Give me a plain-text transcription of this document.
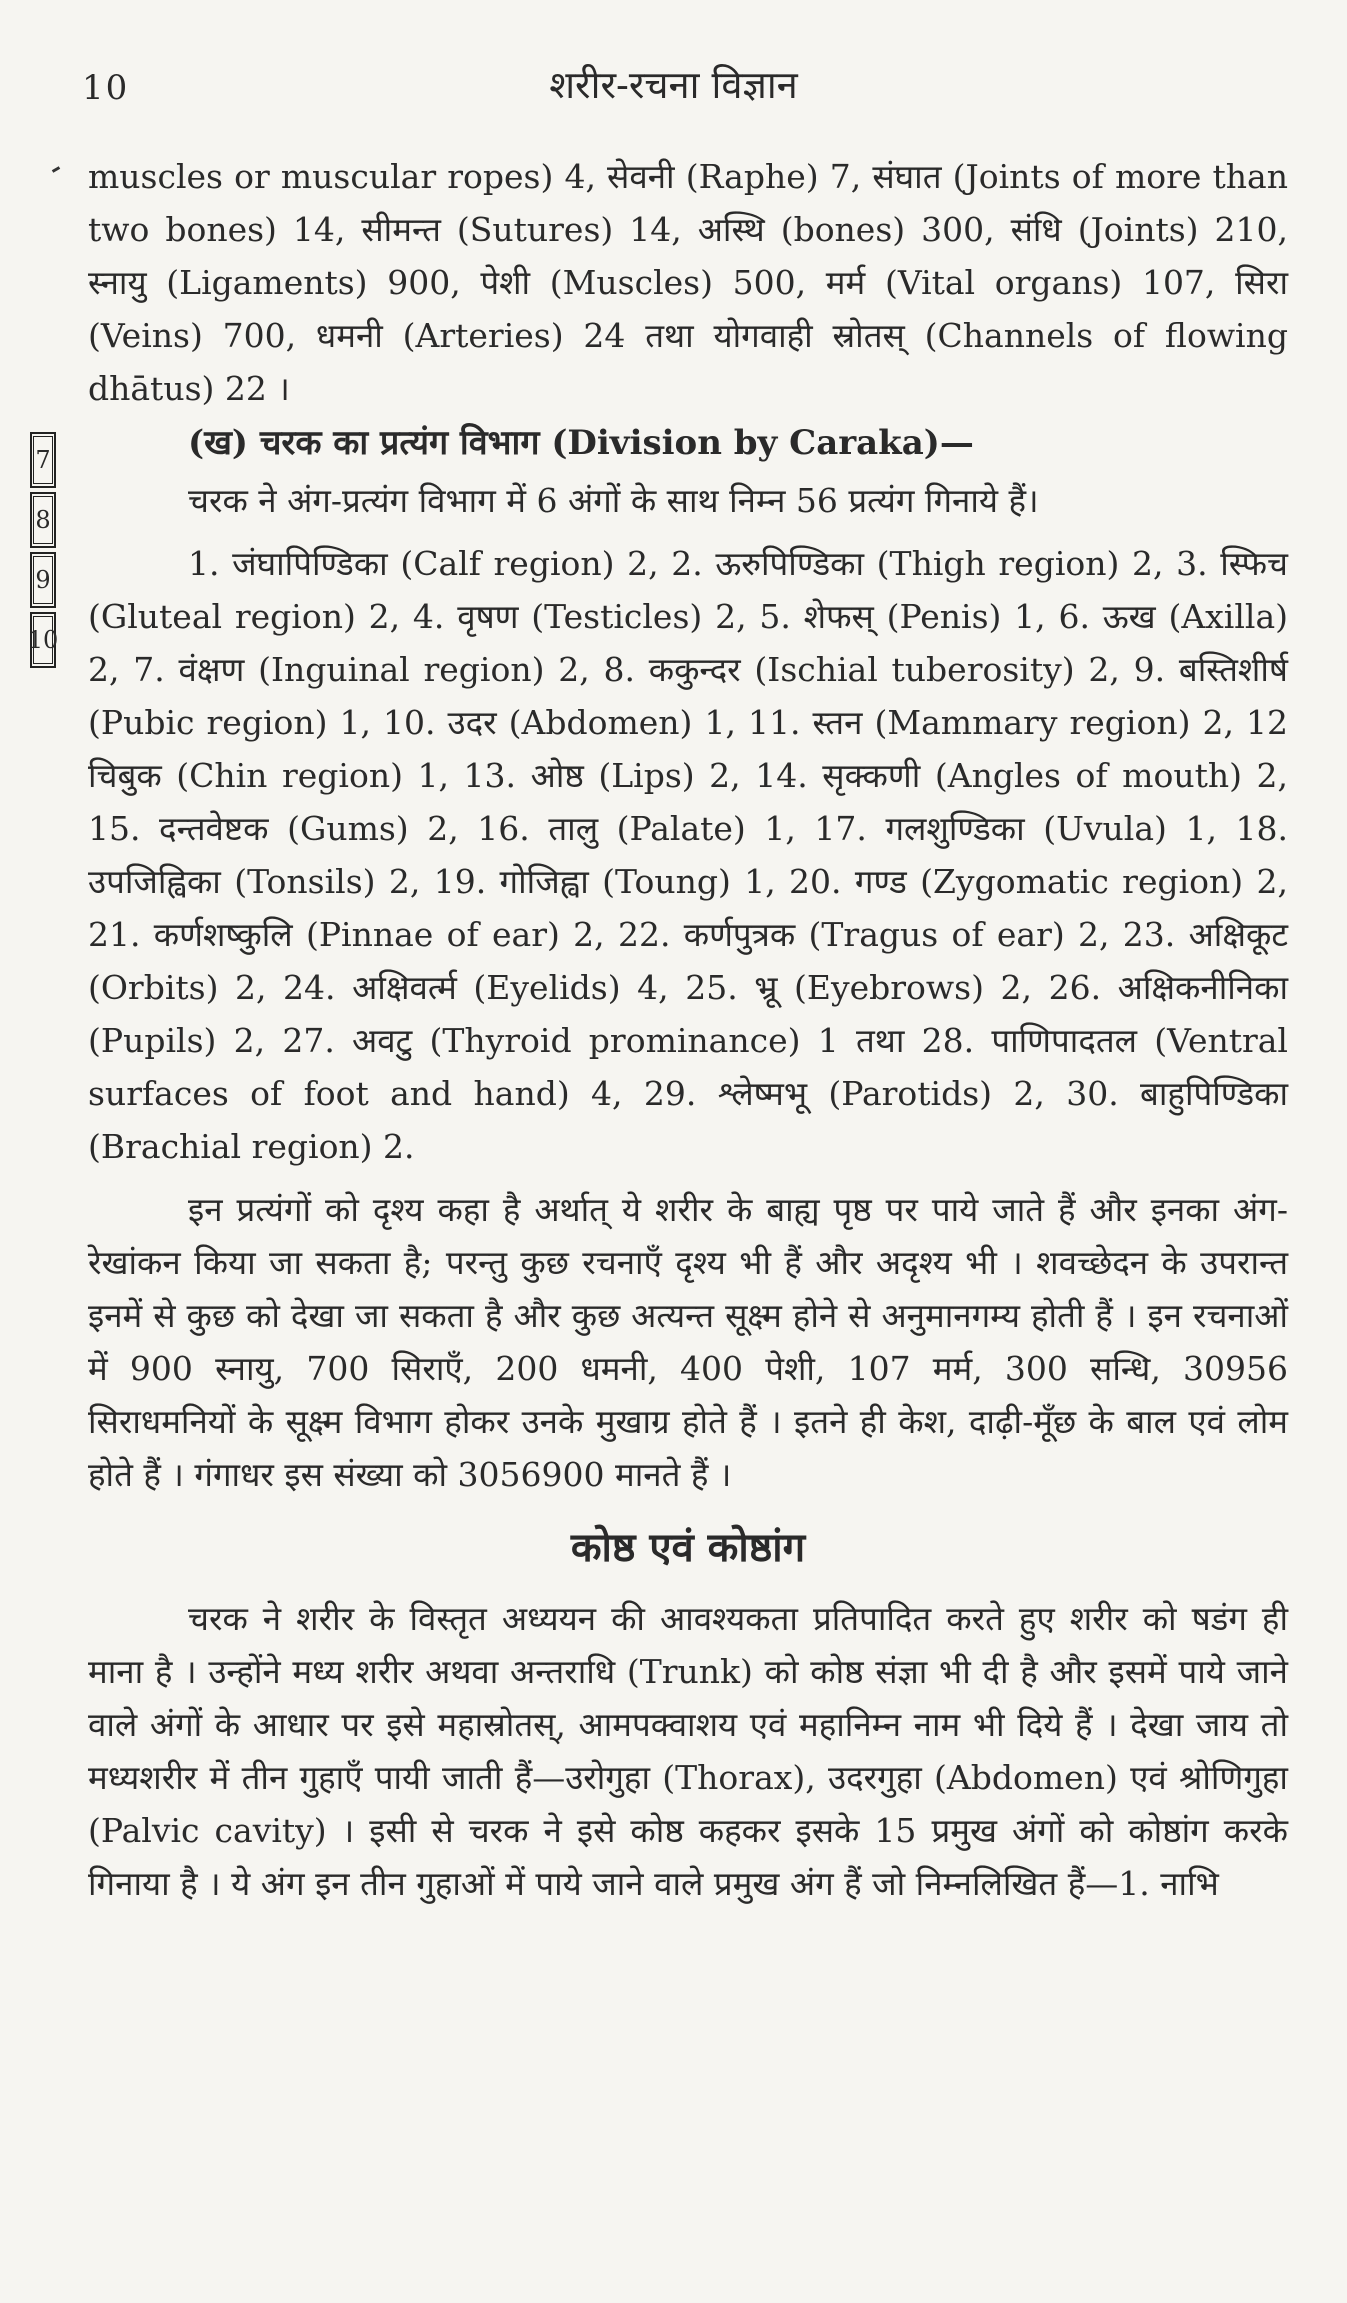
10	शरीर-रचना विज्ञान
7
8
9
10

muscles or muscular ropes) 4, सेवनी (Raphe) 7, संघात (Joints of more than two bones) 14, सीमन्त (Sutures) 14, अस्थि (bones) 300, संधि (Joints) 210, स्नायु (Ligaments) 900, पेशी (Muscles) 500, मर्म (Vital organs) 107, सिरा (Veins) 700, धमनी (Arteries) 24 तथा योगवाही स्रोतस् (Channels of flowing dhātus) 22 ।

(ख) चरक का प्रत्यंग विभाग (Division by Caraka)—

चरक ने अंग-प्रत्यंग विभाग में 6 अंगों के साथ निम्न 56 प्रत्यंग गिनाये हैं।

1. जंघापिण्डिका (Calf region) 2, 2. ऊरुपिण्डिका (Thigh region) 2, 3. स्फिच (Gluteal region) 2, 4. वृषण (Testicles) 2, 5. शेफस् (Penis) 1, 6. ऊख (Axilla) 2, 7. वंक्षण (Inguinal region) 2, 8. ककुन्दर (Ischial tuberosity) 2, 9. बस्तिशीर्ष (Pubic region) 1, 10. उदर (Abdomen) 1, 11. स्तन (Mammary region) 2, 12 चिबुक (Chin region) 1, 13. ओष्ठ (Lips) 2, 14. सृक्कणी (Angles of mouth) 2, 15. दन्तवेष्टक (Gums) 2, 16. तालु (Palate) 1, 17. गलशुण्डिका (Uvula) 1, 18. उपजिह्विका (Tonsils) 2, 19. गोजिह्वा (Toung) 1, 20. गण्ड (Zygomatic region) 2, 21. कर्णशष्कुलि (Pinnae of ear) 2, 22. कर्णपुत्रक (Tragus of ear) 2, 23. अक्षिकूट (Orbits) 2, 24. अक्षिवर्त्म (Eyelids) 4, 25. भ्रू (Eyebrows) 2, 26. अक्षिकनीनिका (Pupils) 2, 27. अवटु (Thyroid prominance) 1 तथा 28. पाणिपादतल (Ventral surfaces of foot and hand) 4, 29. श्लेष्मभू (Parotids) 2, 30. बाहुपिण्डिका (Brachial region) 2.

इन प्रत्यंगों को दृश्य कहा है अर्थात् ये शरीर के बाह्य पृष्ठ पर पाये जाते हैं और इनका अंग-रेखांकन किया जा सकता है; परन्तु कुछ रचनाएँ दृश्य भी हैं और अदृश्य भी । शवच्छेदन के उपरान्त इनमें से कुछ को देखा जा सकता है और कुछ अत्यन्त सूक्ष्म होने से अनुमानगम्य होती हैं । इन रचनाओं में 900 स्नायु, 700 सिराएँ, 200 धमनी, 400 पेशी, 107 मर्म, 300 सन्धि, 30956 सिराधमनियों के सूक्ष्म विभाग होकर उनके मुखाग्र होते हैं । इतने ही केश, दाढ़ी-मूँछ के बाल एवं लोम होते हैं । गंगाधर इस संख्या को 3056900 मानते हैं ।

कोष्ठ एवं कोष्ठांग

चरक ने शरीर के विस्तृत अध्ययन की आवश्यकता प्रतिपादित करते हुए शरीर को षडंग ही माना है । उन्होंने मध्य शरीर अथवा अन्तराधि (Trunk) को कोष्ठ संज्ञा भी दी है और इसमें पाये जाने वाले अंगों के आधार पर इसे महास्रोतस्, आमपक्वाशय एवं महानिम्न नाम भी दिये हैं । देखा जाय तो मध्यशरीर में तीन गुहाएँ पायी जाती हैं—उरोगुहा (Thorax), उदरगुहा (Abdomen) एवं श्रोणिगुहा (Palvic cavity) । इसी से चरक ने इसे कोष्ठ कहकर इसके 15 प्रमुख अंगों को कोष्ठांग करके गिनाया है । ये अंग इन तीन गुहाओं में पाये जाने वाले प्रमुख अंग हैं जो निम्नलिखित हैं—1. नाभि
